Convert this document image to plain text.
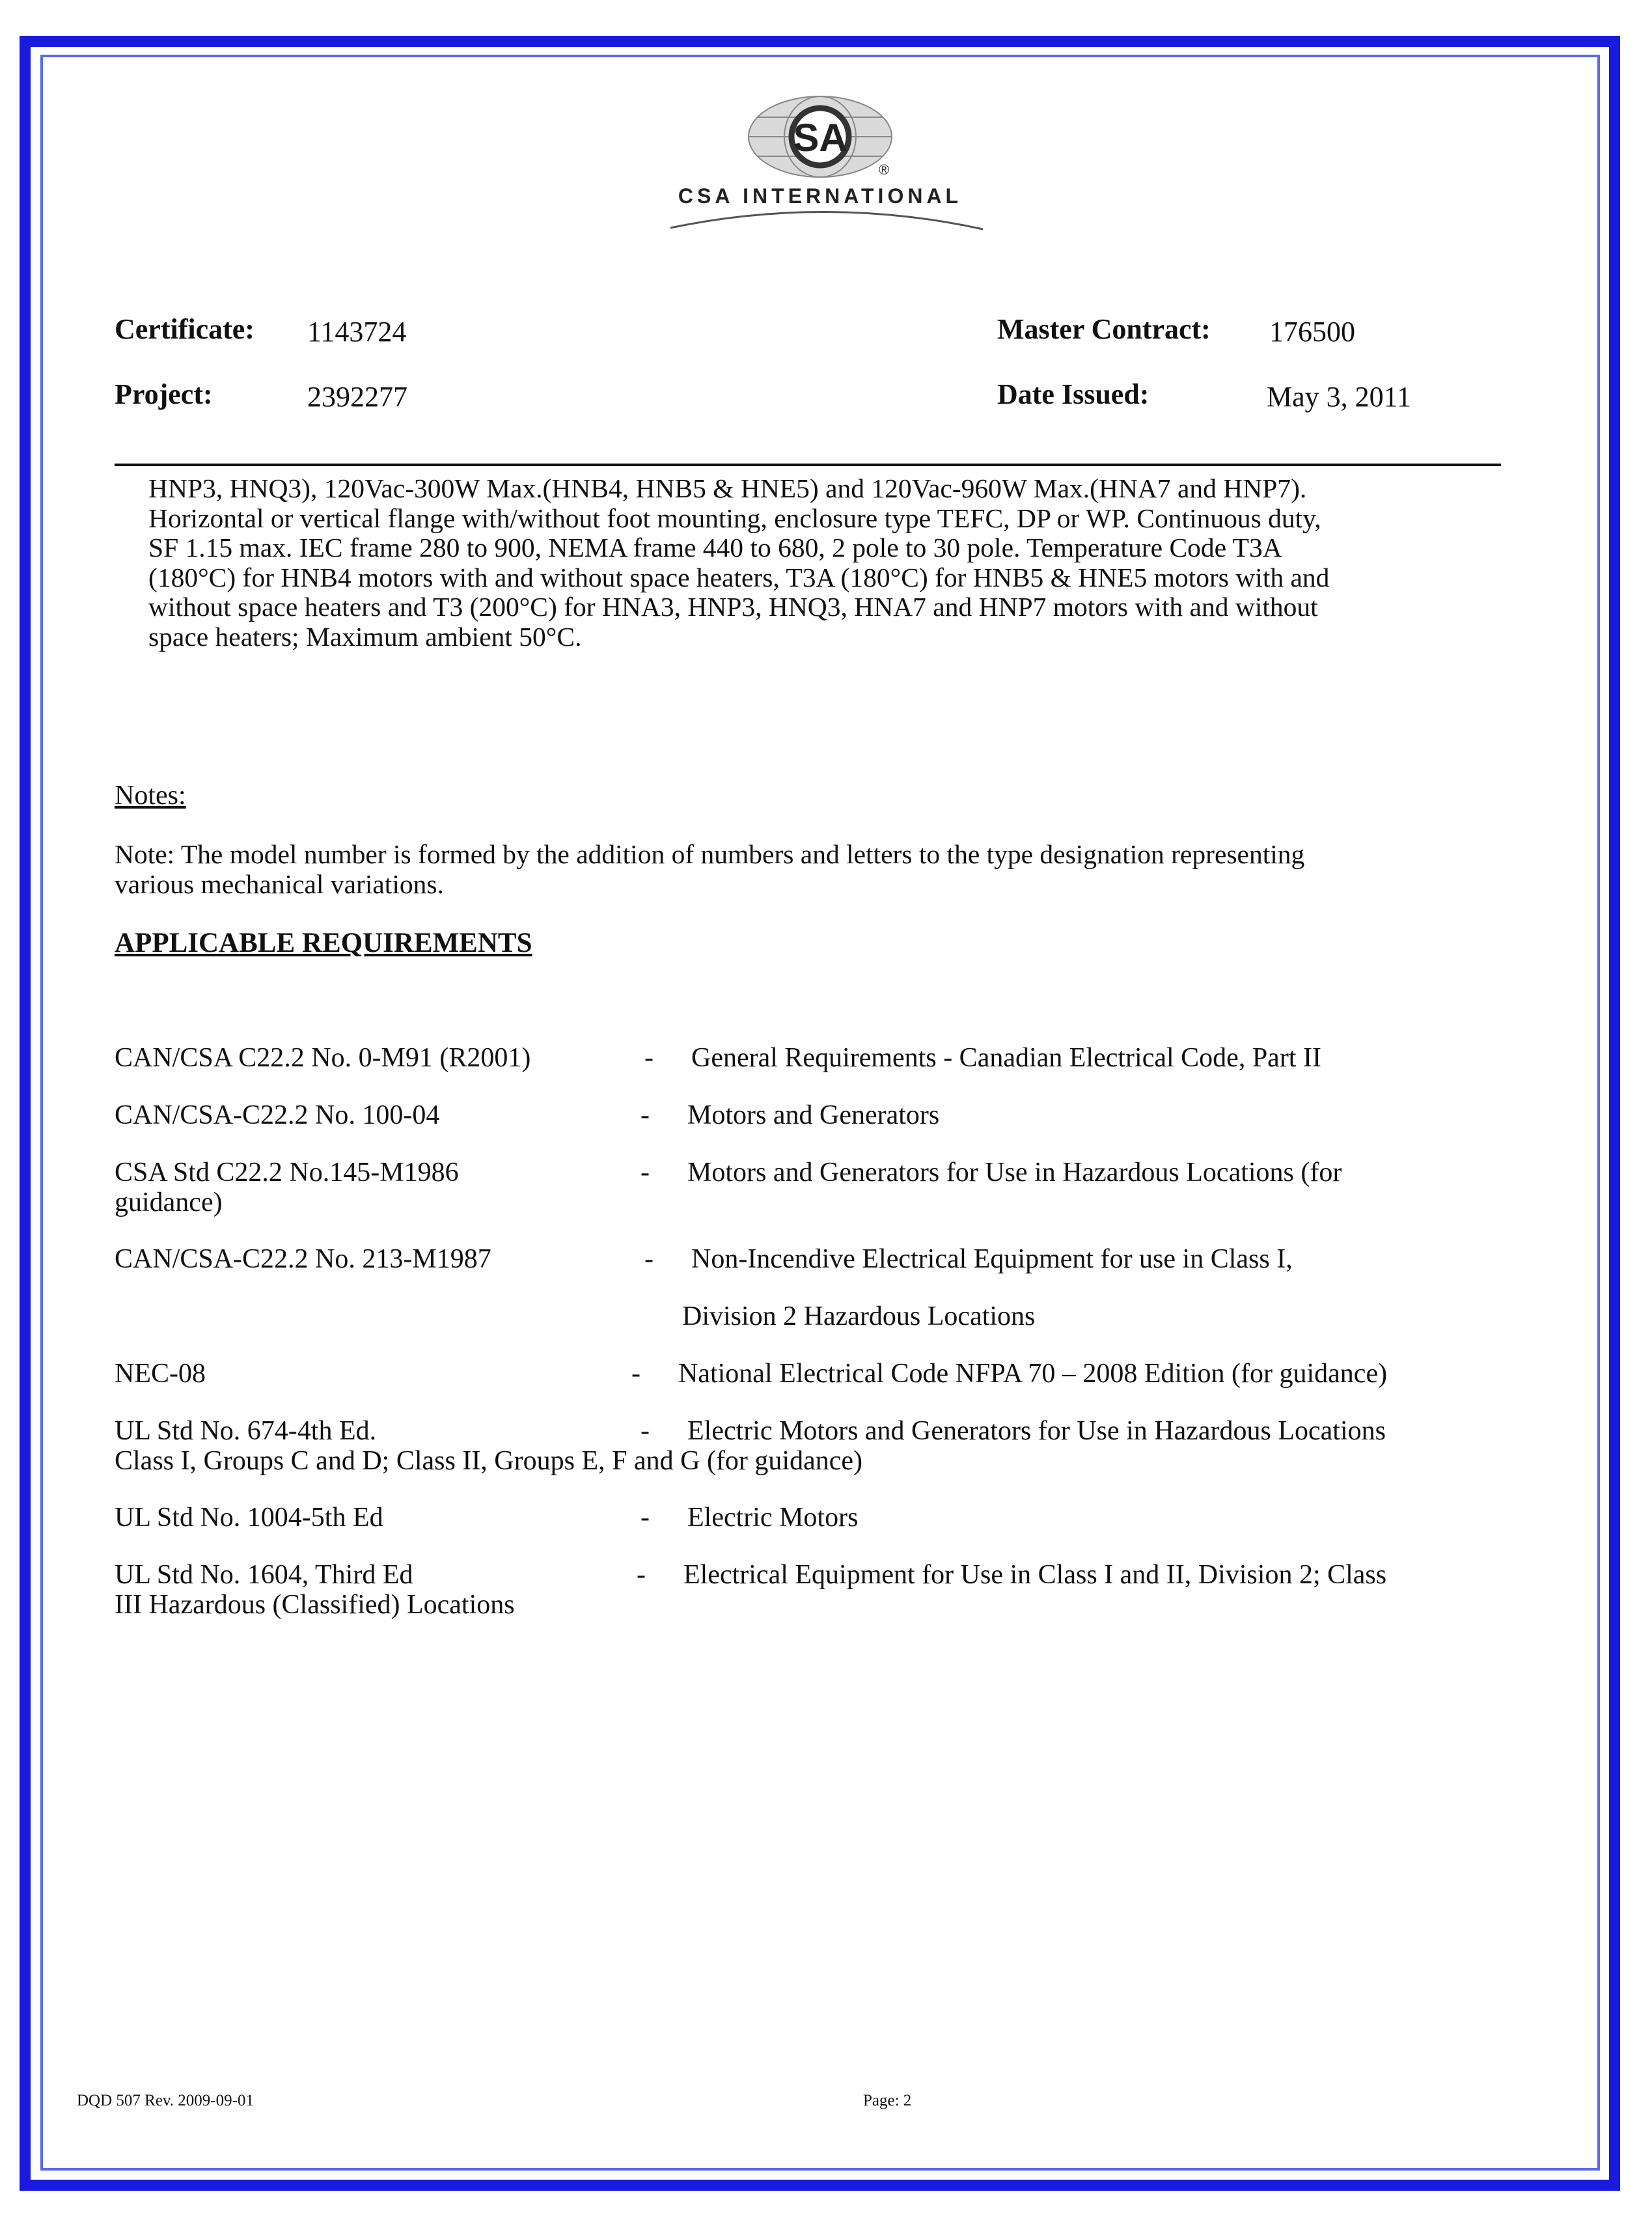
SA
®
CSA INTERNATIONAL
Certificate: 1143724	Master Contract: 176500
Project:	2392277	Date Issued:	May 3, 2011
HNP3, HNQ3), 120Vac-300W Max.(HNB4, HNB5 & HNE5) and 120Vac-960W Max.(HNA7 and HNP7).
Horizontal or vertical flange with/without foot mounting, enclosure type TEFC, DP or WP. Continuous duty,
SF 1.15 max. IEC frame 280 to 900, NEMA frame 440 to 680, 2 pole to 30 pole. Temperature Code T3A
(180°C) for HNB4 motors with and without space heaters, T3A (180°C) for HNB5 & HNE5 motors with and
without space heaters and T3 (200°C) for HNA3, HNP3, HNQ3, HNA7 and HNP7 motors with and without
space heaters; Maximum ambient 50°C.
Notes:
Note: The model number is formed by the addition of numbers and letters to the type designation representing
various mechanical variations.
APPLICABLE REQUIREMENTS
CAN/CSA C22.2 No. 0-M91 (R2001)	- General Requirements - Canadian Electrical Code, Part II
CAN/CSA-C22.2 No. 100-04	- Motors and Generators
CSA Std C22.2 No.145-M1986	- Motors and Generators for Use in Hazardous Locations (for
guidance)
CAN/CSA-C22.2 No. 213-M1987	- Non-Incendive Electrical Equipment for use in Class I,
Division 2 Hazardous Locations
NEC-08	- National Electrical Code NFPA 70 – 2008 Edition (for guidance)
UL Std No. 674-4th Ed.	- Electric Motors and Generators for Use in Hazardous Locations
Class I, Groups C and D; Class II, Groups E, F and G (for guidance)
UL Std No. 1004-5th Ed	- Electric Motors
UL Std No. 1604, Third Ed	- Electrical Equipment for Use in Class I and II, Division 2; Class
III Hazardous (Classified) Locations
DQD 507 Rev. 2009-09-01	Page: 2
